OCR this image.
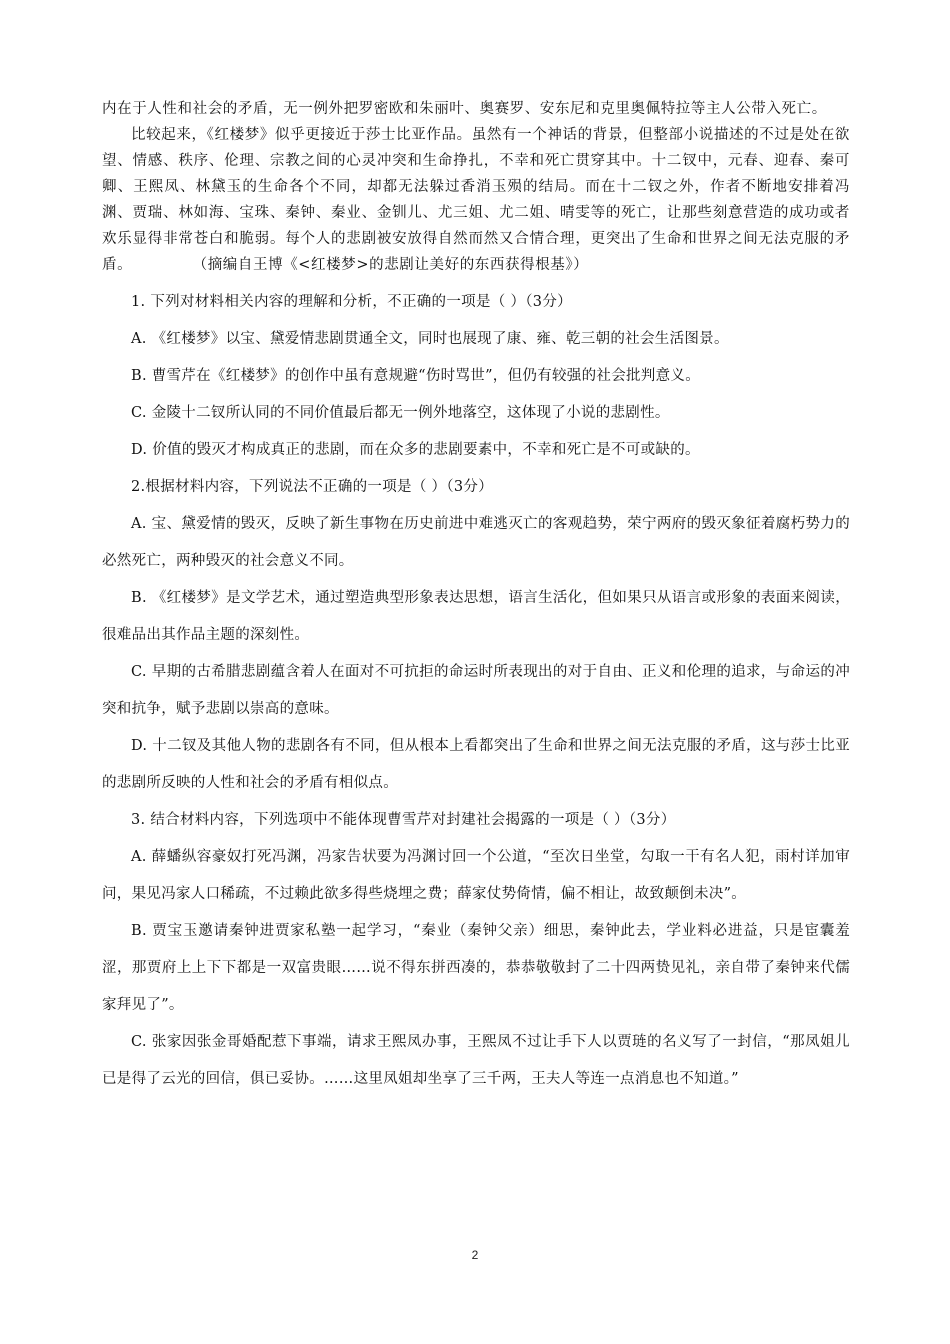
内在于人性和社会的矛盾，无一例外把罗密欧和朱丽叶、奥赛罗、安东尼和克里奥佩特拉等主人公带入死亡。

比较起来，《红楼梦》似乎更接近于莎士比亚作品。虽然有一个神话的背景，但整部小说描述的不过是处在欲望、情感、秩序、伦理、宗教之间的心灵冲突和生命挣扎，不幸和死亡贯穿其中。十二钗中，元春、迎春、秦可卿、王熙凤、林黛玉的生命各个不同，却都无法躲过香消玉殒的结局。而在十二钗之外，作者不断地安排着冯渊、贾瑞、林如海、宝珠、秦钟、秦业、金钏儿、尤三姐、尤二姐、晴雯等的死亡，让那些刻意营造的成功或者欢乐显得非常苍白和脆弱。每个人的悲剧被安放得自然而然又合情合理，更突出了生命和世界之间无法克服的矛盾。    	（摘编自王博《<红楼梦>的悲剧让美好的东西获得根基》）

1. 下列对材料相关内容的理解和分析，不正确的一项是（ ）（3分）

A. 《红楼梦》以宝、黛爱情悲剧贯通全文，同时也展现了康、雍、乾三朝的社会生活图景。

B. 曹雪芹在《红楼梦》的创作中虽有意规避“伤时骂世”，但仍有较强的社会批判意义。

C. 金陵十二钗所认同的不同价值最后都无一例外地落空，这体现了小说的悲剧性。

D. 价值的毁灭才构成真正的悲剧，而在众多的悲剧要素中，不幸和死亡是不可或缺的。

2.根据材料内容，下列说法不正确的一项是（ ）（3分）

A. 宝、黛爱情的毁灭，反映了新生事物在历史前进中难逃灭亡的客观趋势，荣宁两府的毁灭象征着腐朽势力的必然死亡，两种毁灭的社会意义不同。

B. 《红楼梦》是文学艺术，通过塑造典型形象表达思想，语言生活化，但如果只从语言或形象的表面来阅读，很难品出其作品主题的深刻性。

C. 早期的古希腊悲剧蕴含着人在面对不可抗拒的命运时所表现出的对于自由、正义和伦理的追求，与命运的冲突和抗争，赋予悲剧以崇高的意味。

D. 十二钗及其他人物的悲剧各有不同，但从根本上看都突出了生命和世界之间无法克服的矛盾，这与莎士比亚的悲剧所反映的人性和社会的矛盾有相似点。

3. 结合材料内容，下列选项中不能体现曹雪芹对封建社会揭露的一项是（ ）（3分）

A. 薛蟠纵容豪奴打死冯渊，冯家告状要为冯渊讨回一个公道，“至次日坐堂，勾取一干有名人犯，雨村详加审问，果见冯家人口稀疏，不过赖此欲多得些烧埋之费；薛家仗势倚情，偏不相让，故致颠倒未决”。

B. 贾宝玉邀请秦钟进贾家私塾一起学习，“秦业（秦钟父亲）细思，秦钟此去，学业料必进益，只是宦囊羞涩，那贾府上上下下都是一双富贵眼……说不得东拼西凑的，恭恭敬敬封了二十四两贽见礼，亲自带了秦钟来代儒家拜见了”。

C. 张家因张金哥婚配惹下事端，请求王熙凤办事，王熙凤不过让手下人以贾琏的名义写了一封信，“那凤姐儿已是得了云光的回信，俱已妥协。……这里凤姐却坐享了三千两，王夫人等连一点消息也不知道。”

2
